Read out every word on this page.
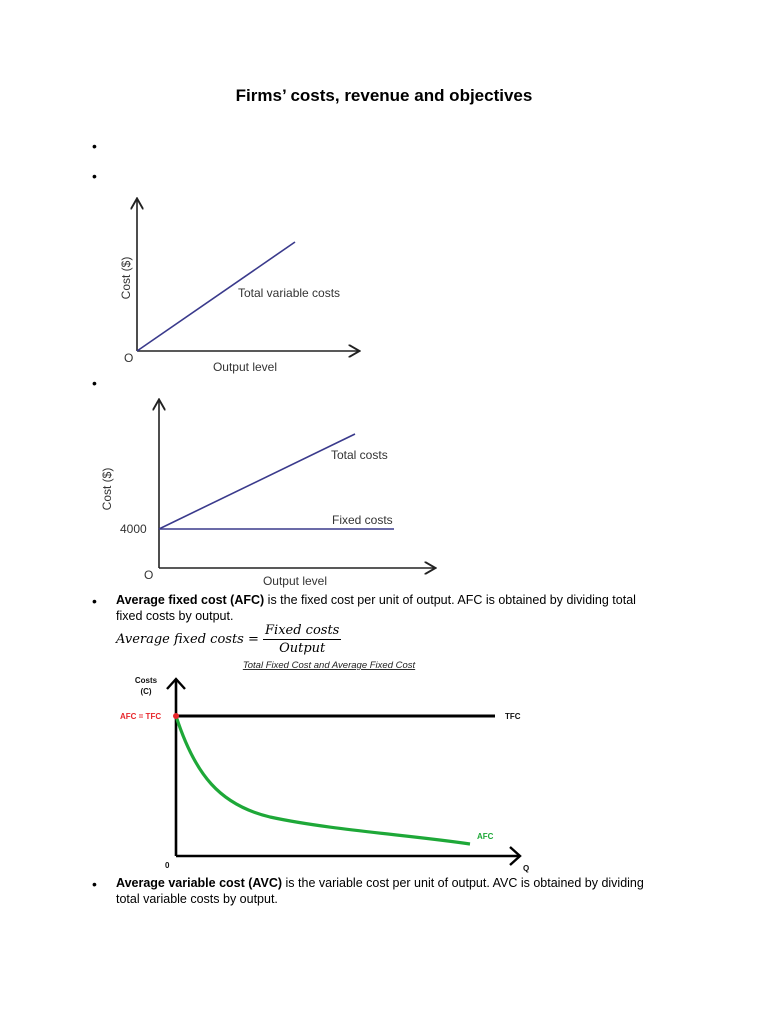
Firms’ costs, revenue and objectives
•
•
Cost ($)
O
Output level
Total variable costs
•
Cost ($)
4000
O	Output level
Total costs
Fixed costs
• Average fixed cost (AFC) is the fixed cost per unit of output. AFC is obtained by dividing total
fixed costs by output.
Average fixed costs = $\frac{\text{Fixed costs}}{\text{Output}}$
Total Fixed Cost and Average Fixed Cost
Costs
(C)
TFC
AFC
AFC = TFC
0	Q
• Average variable cost (AVC) is the variable cost per unit of output. AVC is obtained by dividing
total variable costs by output.
